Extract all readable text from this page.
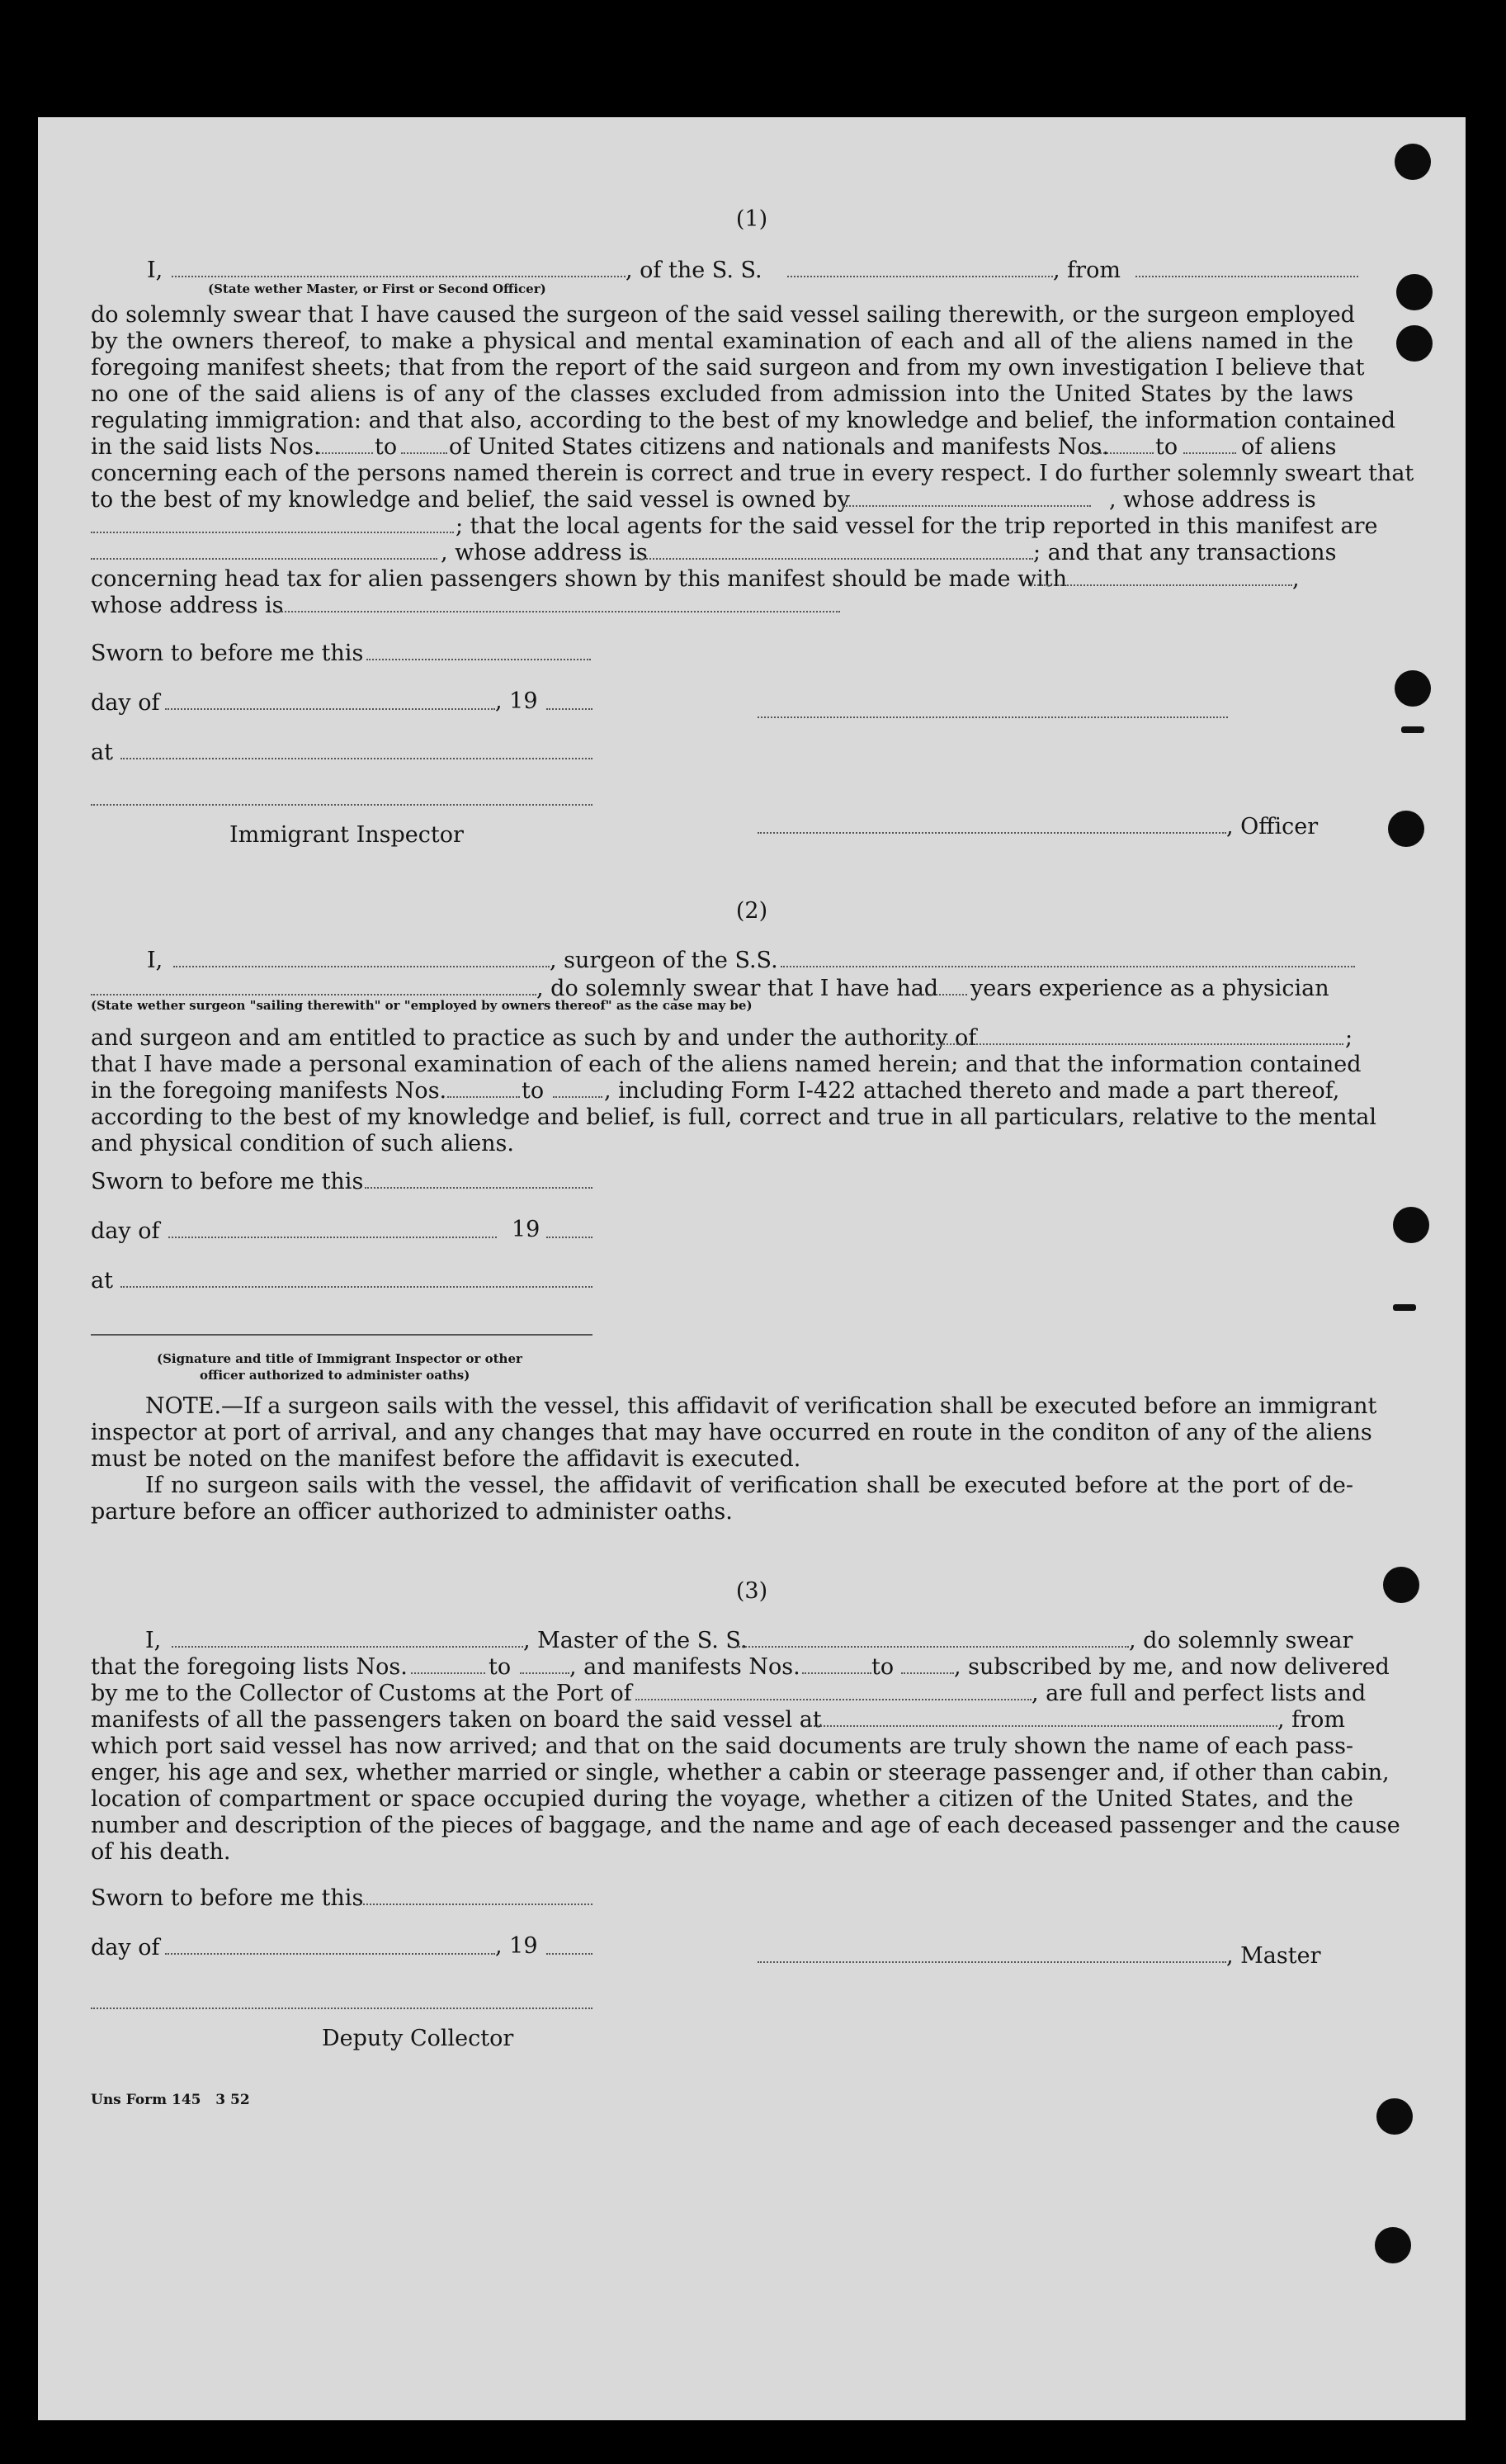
(1)
I,	, of the S. S.	, from
(State wether Master, or First or Second Officer)
do solemnly swear that I have caused the surgeon of the said vessel sailing therewith, or the surgeon employed
by the owners thereof, to make a physical and mental examination of each and all of the aliens named in the
foregoing manifest sheets; that from the report of the said surgeon and from my own investigation I believe that
no one of the said aliens is of any of the classes excluded from admission into the United States by the laws
regulating immigration: and that also, according to the best of my knowledge and belief, the information contained
in the said lists Nos. to of United States citizens and nationals and manifests Nos. to	of aliens
concerning each of the persons named therein is correct and true in every respect. I do further solemnly sweart that
to the best of my knowledge and belief, the said vessel is owned by	, whose address is
; that the local agents for the said vessel for the trip reported in this manifest are
, whose address is	; and that any transactions
concerning head tax for alien passengers shown by this manifest should be made with	,
whose address is
Sworn to before me this
day of	, 19
at
Immigrant Inspector	, Officer
(2)
I,	, surgeon of the S.S.
, do solemnly swear that I have had years experience as a physician
(State wether surgeon "sailing therewith" or "employed by owners thereof" as the case may be)
and surgeon and am entitled to practice as such by and under the authority of	;
that I have made a personal examination of each of the aliens named herein; and that the information contained
in the foregoing manifests Nos.	to	, including Form I-422 attached thereto and made a part thereof,
according to the best of my knowledge and belief, is full, correct and true in all particulars, relative to the mental
and physical condition of such aliens.
Sworn to before me this
day of	19
at
(Signature and title of Immigrant Inspector or other
officer authorized to administer oaths)
NOTE.—If a surgeon sails with the vessel, this affidavit of verification shall be executed before an immigrant
inspector at port of arrival, and any changes that may have occurred en route in the conditon of any of the aliens
must be noted on the manifest before the affidavit is executed.
If no surgeon sails with the vessel, the affidavit of verification shall be executed before at the port of de-
parture before an officer authorized to administer oaths.
(3)
I,	, Master of the S. S.	, do solemnly swear
that the foregoing lists Nos.	to	, and manifests Nos.	to	, subscribed by me, and now delivered
by me to the Collector of Customs at the Port of	, are full and perfect lists and
manifests of all the passengers taken on board the said vessel at	, from
which port said vessel has now arrived; and that on the said documents are truly shown the name of each pass-
enger, his age and sex, whether married or single, whether a cabin or steerage passenger and, if other than cabin,
location of compartment or space occupied during the voyage, whether a citizen of the United States, and the
number and description of the pieces of baggage, and the name and age of each deceased passenger and the cause
of his death.
Sworn to before me this
day of	, 19	, Master
Deputy Collector
Uns Form 145   3 52
